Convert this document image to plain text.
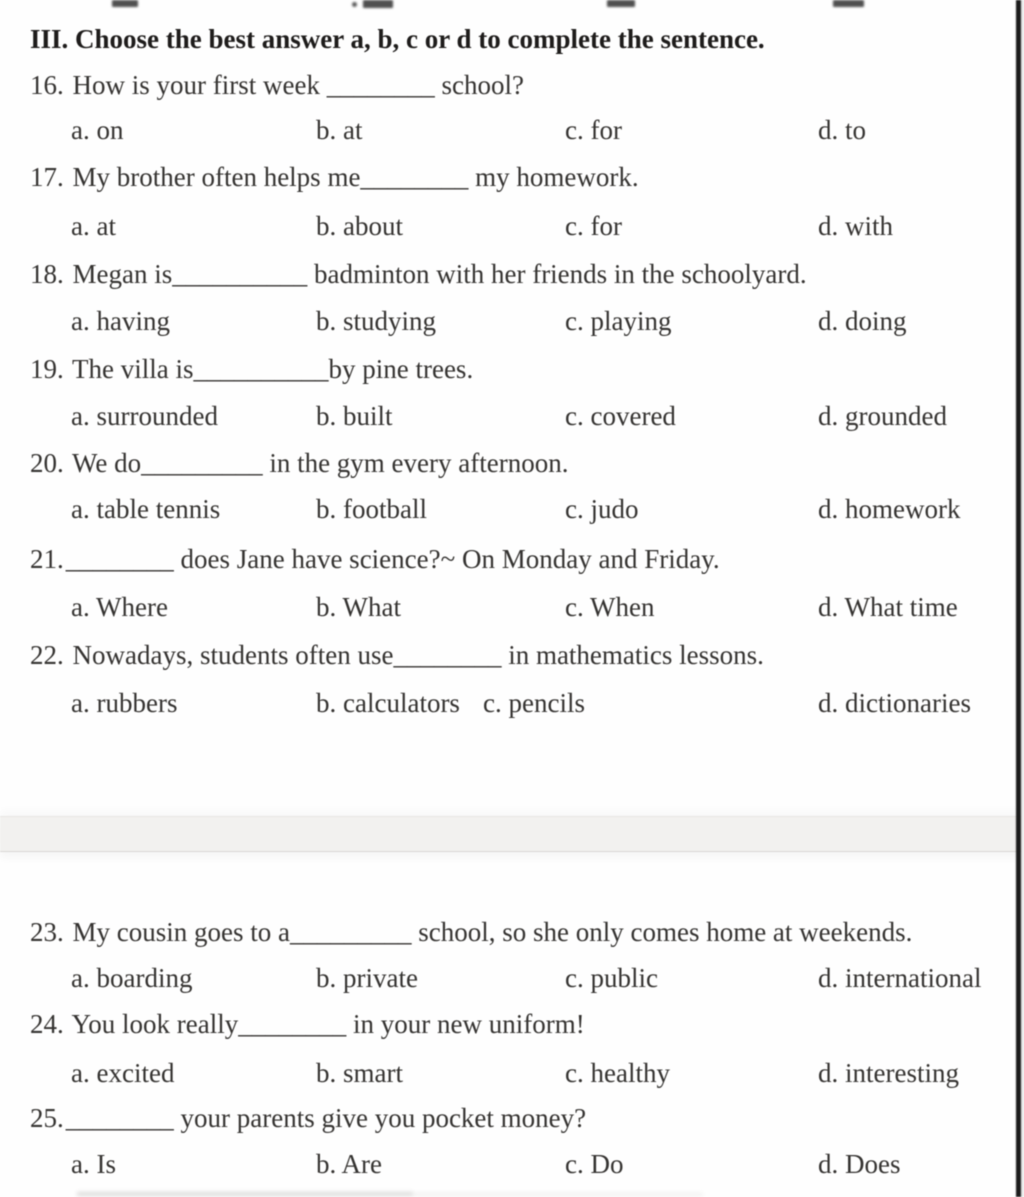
III. Choose the best answer a, b, c or d to complete the sentence.
16. How is your first week ________ school?
a. on	b. at	c. for	d. to
17. My brother often helps me________ my homework.
a. at	b. about	c. for	d. with
18. Megan is__________ badminton with her friends in the schoolyard.
a. having	b. studying	c. playing	d. doing
19. The villa is__________by pine trees.
a. surrounded	b. built	c. covered	d. grounded
20. We do_________ in the gym every afternoon.
a. table tennis	b. football	c. judo	d. homework
21.________ does Jane have science?~ On Monday and Friday.
a. Where	b. What	c. When	d. What time
22. Nowadays, students often use________ in mathematics lessons.
a. rubbers	b. calculators c. pencils	d. dictionaries
23. My cousin goes to a_________ school, so she only comes home at weekends.
a. boarding	b. private	c. public	d. international
24. You look really________ in your new uniform!
a. excited	b. smart	c. healthy	d. interesting
25.________ your parents give you pocket money?
a. Is	b. Are	c. Do	d. Does
